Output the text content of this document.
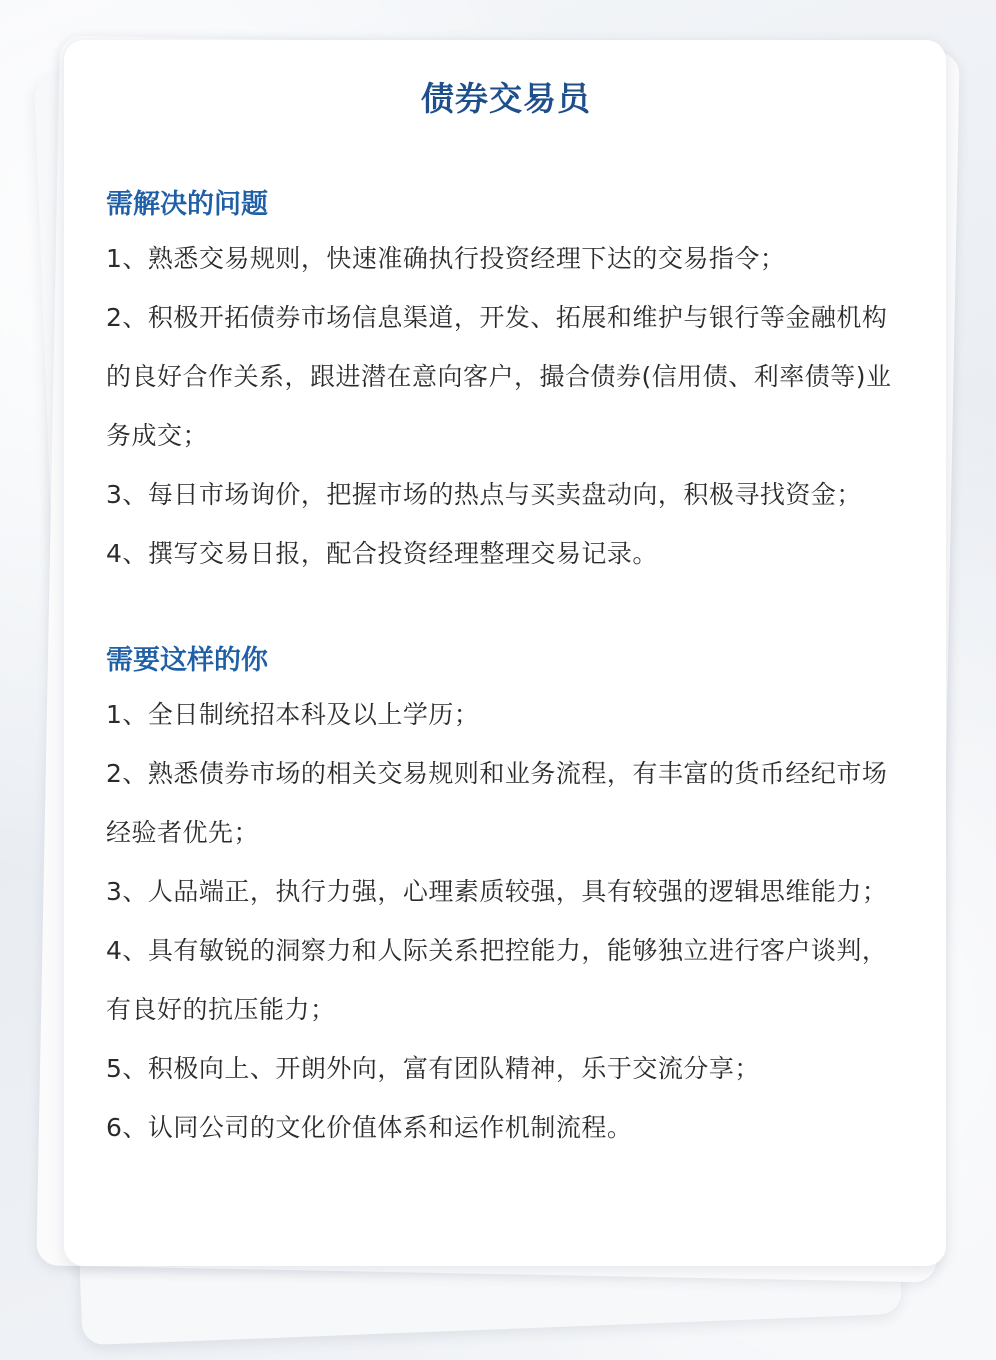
债券交易员
需解决的问题
1、熟悉交易规则，快速准确执行投资经理下达的交易指令；
2、积极开拓债券市场信息渠道，开发、拓展和维护与银行等金融机构的良好合作关系，跟进潜在意向客户，撮合债券(信用债、利率债等)业务成交；
3、每日市场询价，把握市场的热点与买卖盘动向，积极寻找资金；
4、撰写交易日报，配合投资经理整理交易记录。
需要这样的你
1、全日制统招本科及以上学历；
2、熟悉债券市场的相关交易规则和业务流程，有丰富的货币经纪市场经验者优先；
3、人品端正，执行力强，心理素质较强，具有较强的逻辑思维能力；
4、具有敏锐的洞察力和人际关系把控能力，能够独立进行客户谈判，有良好的抗压能力；
5、积极向上、开朗外向，富有团队精神，乐于交流分享；
6、认同公司的文化价值体系和运作机制流程。
